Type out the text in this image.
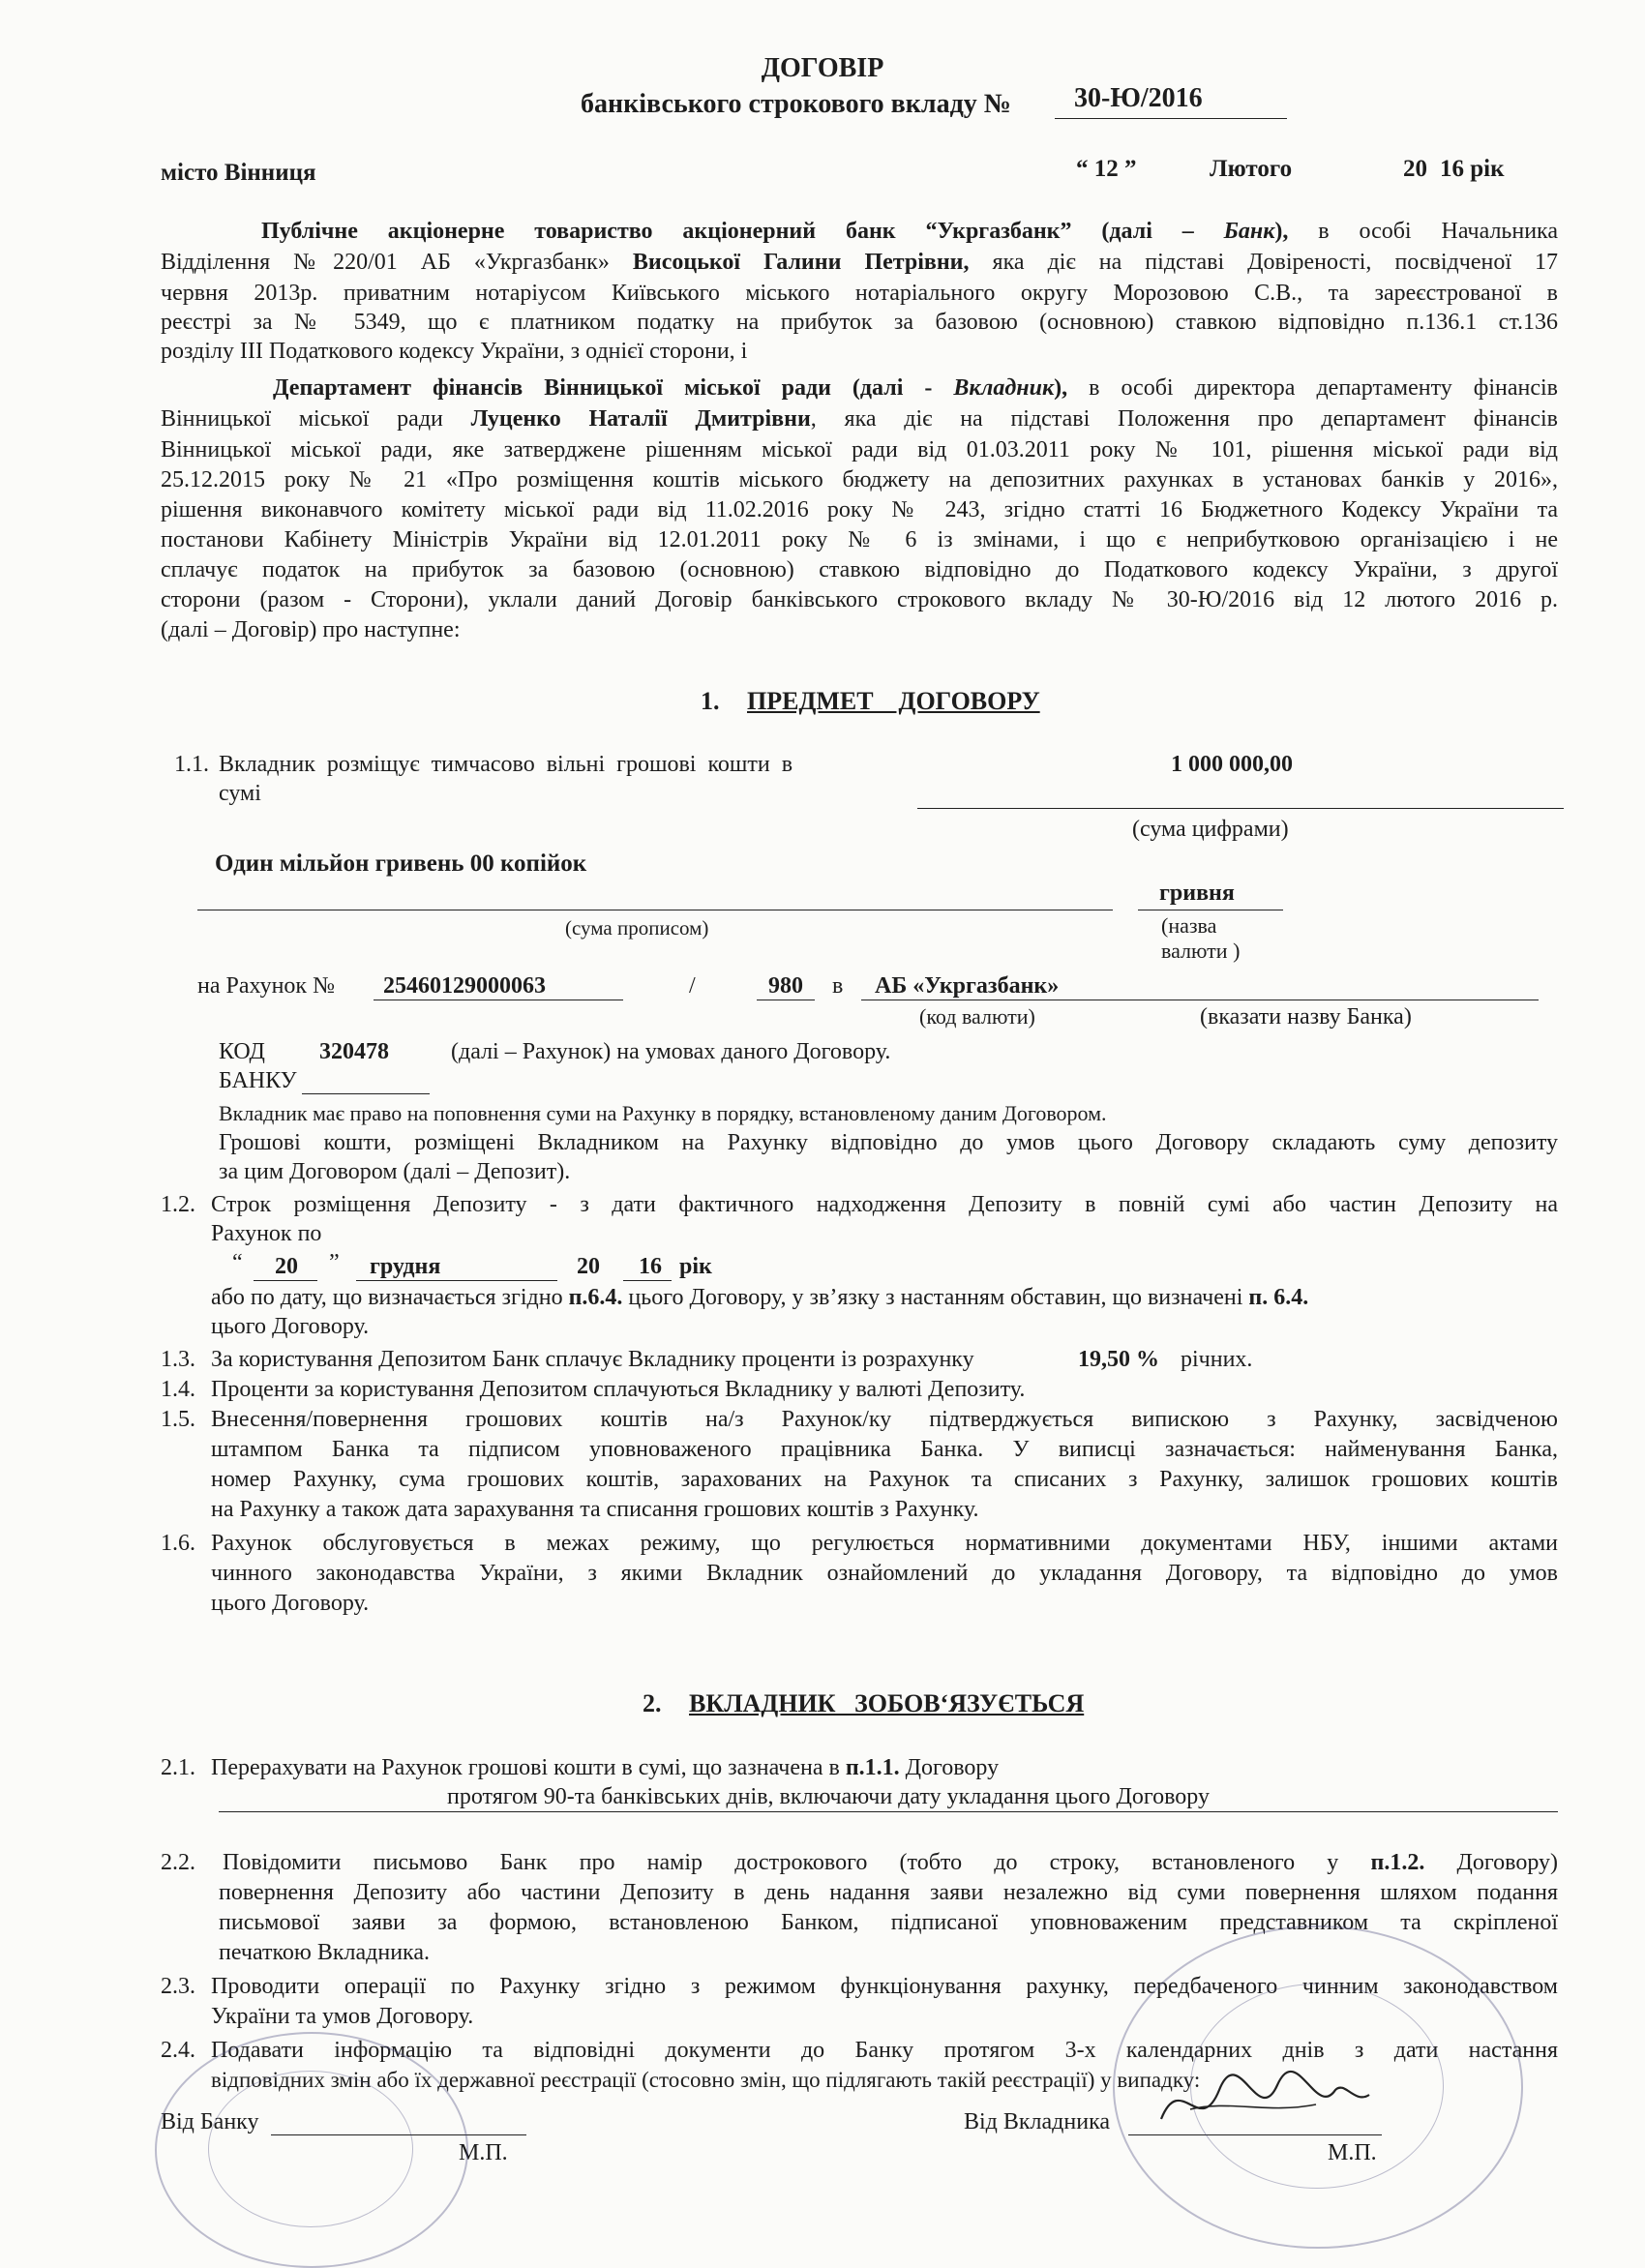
ДОГОВІР
банківського строкового вкладу № 30-Ю/2016
місто Вінниця	“ 12 ”	Лютого	20 16 рік
Публічне акціонерне товариство акціонерний банк “Укргазбанк” (далі – Банк), в особі Начальника
Відділення №220/01 АБ «Укргазбанк» Висоцької Галини Петрівни, яка діє на підставі Довіреності, посвідченої 17
червня 2013р. приватним нотаріусом Київського міського нотаріального округу Морозовою С.В., та зареєстрованої в
реєстрі за № 5349, що є платником податку на прибуток за базовою (основною) ставкою відповідно п.136.1 ст.136
розділу ІІІ Податкового кодексу України, з однієї сторони, і
Департамент фінансів Вінницької міської ради (далі - Вкладник), в особі директора департаменту фінансів
Вінницької міської ради Луценко Наталії Дмитрівни, яка діє на підставі Положення про департамент фінансів
Вінницької міської ради, яке затверджене рішенням міської ради від 01.03.2011 року № 101, рішення міської ради від
25.12.2015 року № 21 «Про розміщення коштів міського бюджету на депозитних рахунках в установах банків у 2016»,
рішення виконавчого комітету міської ради від 11.02.2016 року № 243, згідно статті 16 Бюджетного Кодексу України та
постанови Кабінету Міністрів України від 12.01.2011 року № 6 із змінами, і що є неприбутковою організацією і не
сплачує податок на прибуток за базовою (основною) ставкою відповідно до Податкового кодексу України, з другої
сторони (разом - Сторони), уклали даний Договір банківського строкового вкладу № 30-Ю/2016 від 12 лютого 2016 р.
(далі – Договір) про наступне:
1. ПРЕДМЕТ    ДОГОВОРУ
1.1. Вкладник  розміщує  тимчасово  вільні  грошові  кошти  в
сумі
1 000 000,00
(сума цифрами)
Один мільйон гривень 00 копійок
(сума прописом)
гривня
(назва
валюти )
на Рахунок № 25460129000063	/	980 в АБ «Укргазбанк»
(код валюти)	(вказати назву Банка)
КОД 320478	(далі – Рахунок) на умовах даного Договору.
БАНКУ
Вкладник має право на поповнення суми на Рахунку в порядку, встановленому даним Договором.
Грошові кошти, розміщені Вкладником на Рахунку відповідно до умов цього Договору складають суму депозиту
за цим Договором (далі – Депозит).
1.2. Строк розміщення Депозиту - з дати фактичного надходження Депозиту в повній сумі або частин Депозиту на
Рахунок по
“ 20 ” грудня	20 16 рік
або по дату, що визначається згідно п.6.4. цього Договору, у зв’язку з настанням обставин, що визначені п. 6.4.
цього Договору.
1.3. За користування Депозитом Банк сплачує Вкладнику проценти із розрахунку	19,50 % річних.
1.4. Проценти за користування Депозитом сплачуються Вкладнику у валюті Депозиту.
1.5. Внесення/повернення грошових коштів на/з Рахунок/ку підтверджується випискою з Рахунку, засвідченою
штампом Банка та підписом уповноваженого працівника Банка. У виписці зазначається: найменування Банка,
номер Рахунку, сума грошових коштів, зарахованих на Рахунок та списаних з Рахунку, залишок грошових коштів
на Рахунку а також дата зарахування та списання грошових коштів з Рахунку.
1.6. Рахунок обслуговується в межах режиму, що регулюється нормативними документами НБУ, іншими актами
чинного законодавства України, з якими Вкладник ознайомлений до укладання Договору, та відповідно до умов
цього Договору.
2. ВКЛАДНИК   ЗОБОВ‘ЯЗУЄТЬСЯ
2.1. Перерахувати на Рахунок грошові кошти в сумі, що зазначена в п.1.1. Договору
протягом 90-та банківських днів, включаючи дату укладання цього Договору
2.2. Повідомити письмово Банк про намір дострокового (тобто до строку, встановленого у п.1.2. Договору)
повернення Депозиту або частини Депозиту в день надання заяви незалежно від суми повернення шляхом подання
письмової заяви за формою, встановленою Банком, підписаної уповноваженим представником та скріпленої
печаткою Вкладника.
2.3. Проводити операції по Рахунку згідно з режимом функціонування рахунку, передбаченого чинним законодавством
України та умов Договору.
2.4. Подавати інформацію та відповідні документи до Банку протягом 3-х календарних днів з дати настання
відповідних змін або їх державної реєстрації (стосовно змін, що підлягають такій реєстрації) у випадку:
Від Банку
М.П.
Від Вкладника
М.П.
